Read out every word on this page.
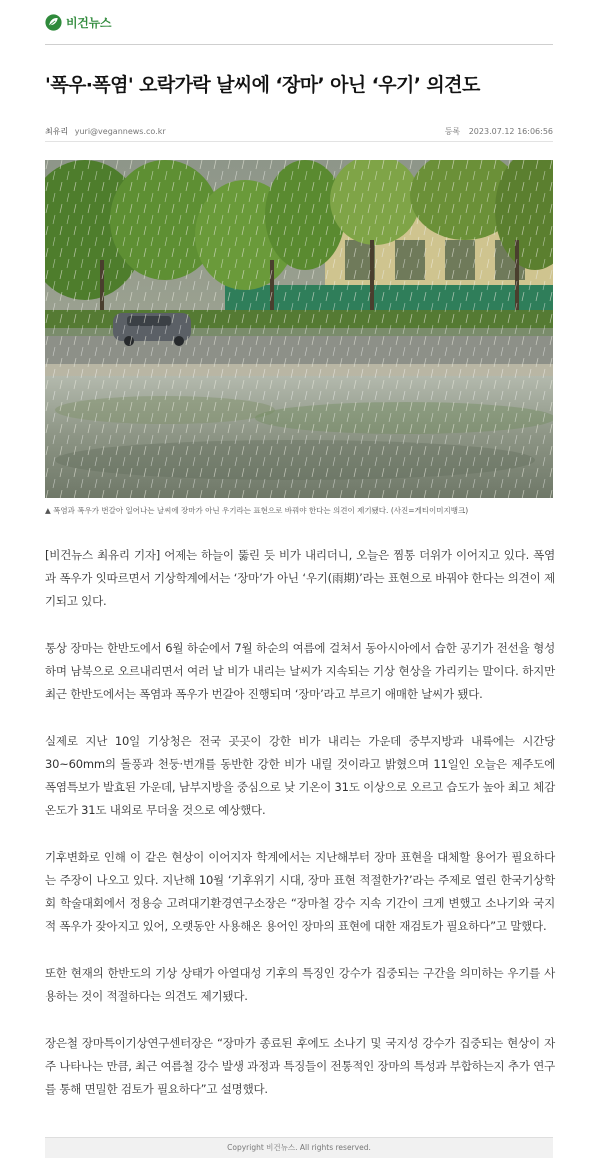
비건뉴스
'폭우·폭염' 오락가락 날씨에 ‘장마’ 아닌 ‘우기’ 의견도
최유리 yuri@vegannews.co.kr	등록 2023.07.12 16:06:56
▲ 폭염과 폭우가 번갈아 일어나는 날씨에 장마가 아닌 우기라는 표현으로 바꿔야 한다는 의견이 제기됐다. (사진=게티이미지뱅크)

[비건뉴스 최유리 기자] 어제는 하늘이 뚫린 듯 비가 내리더니, 오늘은 찜통 더위가 이어지고 있다. 폭염과 폭우가 잇따르면서 기상학계에서는 ‘장마’가 아닌 ‘우기(雨期)’라는 표현으로 바꿔야 한다는 의견이 제기되고 있다.

통상 장마는 한반도에서 6월 하순에서 7월 하순의 여름에 걸쳐서 동아시아에서 습한 공기가 전선을 형성하며 남북으로 오르내리면서 여러 날 비가 내리는 날씨가 지속되는 기상 현상을 가리키는 말이다. 하지만 최근 한반도에서는 폭염과 폭우가 번갈아 진행되며 ‘장마’라고 부르기 애매한 날씨가 됐다.

실제로 지난 10일 기상청은 전국 곳곳이 강한 비가 내리는 가운데 중부지방과 내륙에는 시간당 30~60mm의 돌풍과 천둥·번개를 동반한 강한 비가 내릴 것이라고 밝혔으며 11일인 오늘은 제주도에 폭염특보가 발효된 가운데, 남부지방을 중심으로 낮 기온이 31도 이상으로 오르고 습도가 높아 최고 체감 온도가 31도 내외로 무더울 것으로 예상했다.

기후변화로 인해 이 같은 현상이 이어지자 학계에서는 지난해부터 장마 표현을 대체할 용어가 필요하다는 주장이 나오고 있다. 지난해 10월 ‘기후위기 시대, 장마 표현 적절한가?’라는 주제로 열린 한국기상학회 학술대회에서 정용승 고려대기환경연구소장은 “장마철 강수 지속 기간이 크게 변했고 소나기와 국지적 폭우가 잦아지고 있어, 오랫동안 사용해온 용어인 장마의 표현에 대한 재검토가 필요하다”고 말했다.

또한 현재의 한반도의 기상 상태가 아열대성 기후의 특징인 강수가 집중되는 구간을 의미하는 우기를 사용하는 것이 적절하다는 의견도 제기됐다.

장은철 장마특이기상연구센터장은 “장마가 종료된 후에도 소나기 및 국지성 강수가 집중되는 현상이 자주 나타나는 만큼, 최근 여름철 강수 발생 과정과 특징들이 전통적인 장마의 특성과 부합하는지 추가 연구를 통해 면밀한 검토가 필요하다”고 설명했다.

Copyright 비건뉴스. All rights reserved.
